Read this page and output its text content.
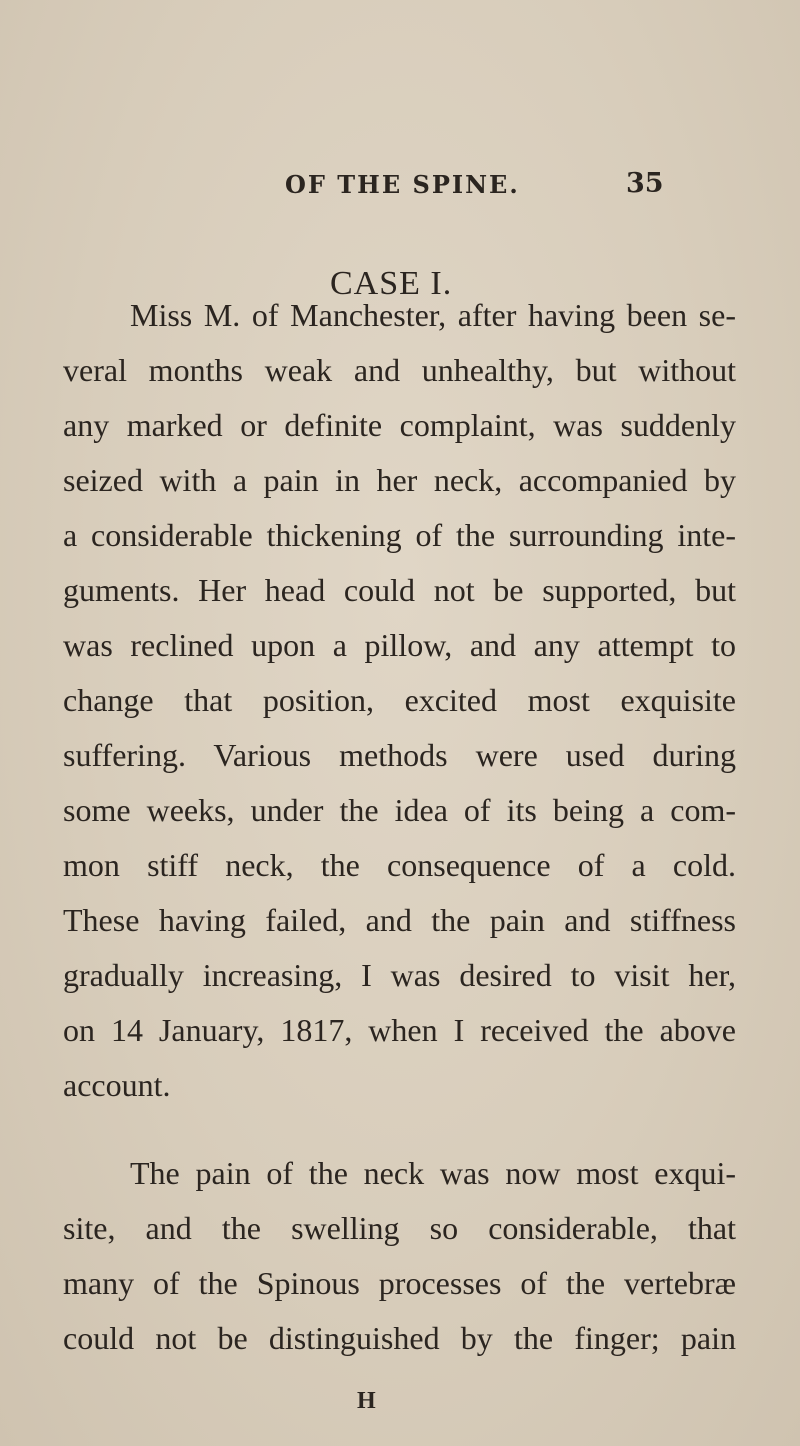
OF THE SPINE.	35
CASE I.
Miss M. of Manchester, after having been se-
veral months weak and unhealthy, but without
any marked or definite complaint, was suddenly
seized with a pain in her neck, accompanied by
a considerable thickening of the surrounding inte-
guments. Her head could not be supported, but
was reclined upon a pillow, and any attempt to
change that position, excited most exquisite
suffering. Various methods were used during
some weeks, under the idea of its being a com-
mon stiff neck, the consequence of a cold.
These having failed, and the pain and stiffness
gradually increasing, I was desired to visit her,
on 14 January, 1817, when I received the above
account.
The pain of the neck was now most exqui-
site, and the swelling so considerable, that
many of the Spinous processes of the vertebræ
could not be distinguished by the finger; pain
H
